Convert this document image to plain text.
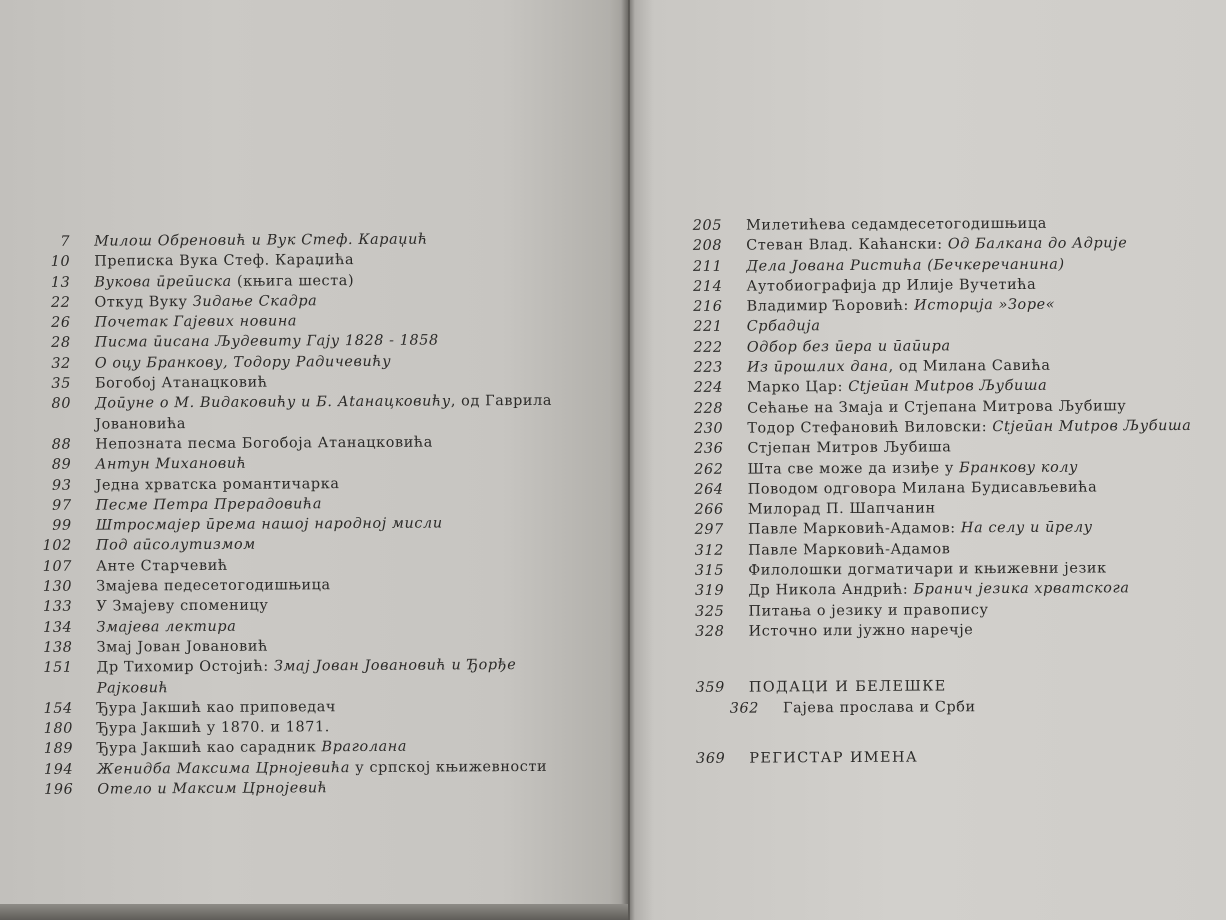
7 Милош Обреновић и Вук Стеф. Караџић
10 Преписка Вука Стеф. Караџића
13 Вукова ūреūиска (књига шеста)
22 Откуд Вуку Зидање Скадра
26 Почетак Гајевих новина
28 Писма ūисана Људевиту Гају 1828 - 1858
32 О оцу Бранкову, Тодору Радичевићу
35 Богобој Атанацковић
80 Доūуне о М. Видаковићу и Б. Аtанацковићу, од Гаврила
Јовановића
88 Непозната песма Богобоја Атанацковића
89 Антун Михановић
93 Једна хрватска романтичарка
97 Песме Петра Прерадовића
99 Штросмајер ūрема нашој народној мисли
102 Под аūсолутизмом
107 Анте Старчевић
130 Змајева педесетогодишњица
133 У Змајеву споменицу
134 Змајева лектира
138 Змај Јован Јовановић
151 Др Тихомир Остојић: Змај Јован Јовановић и Ђорђе
Рајковић
154 Ђура Јакшић као приповедач
180 Ђура Јакшић у 1870. и 1871.
189 Ђура Јакшић као сарадник Враголана
194 Женидба Максима Црнојевића у српској књижевности
196 Отело и Максим Црнојевић
205 Милетићева седамдесетогодишњица
208 Стеван Влад. Каћански: Од Балкана до Адрије
211 Дела Јована Ристића (Бечкеречанина)
214 Аутобиографија др Илије Вучетића
216 Владимир Ћоровић: Историја »Зоре«
221 Србадија
222 Одбор без ūера и ūаūира
223 Из ūрошлих дана, од Милана Савића
224 Марко Цар: Сtјеūан Миtров Љубиша
228 Сећање на Змаја и Стјепана Митрова Љубишу
230 Тодор Стефановић Виловски: Сtјеūан Миtров Љубиша
236 Стјепан Митров Љубиша
262 Шта све може да изиђе у Бранкову колу
264 Поводом одговора Милана Будисављевића
266 Милорад П. Шапчанин
297 Павле Марковић-Адамов: На селу и ūрелу
312 Павле Марковић-Адамов
315 Филолошки догматичари и књижевни језик
319 Др Никола Андрић: Бранич језика хрватскога
325 Питања о језику и правопису
328 Источно или јужно наречје
359 ПОДАЦИ И БЕЛЕШКЕ
362 Гајева прослава и Срби
369 РЕГИСТАР ИМЕНА
